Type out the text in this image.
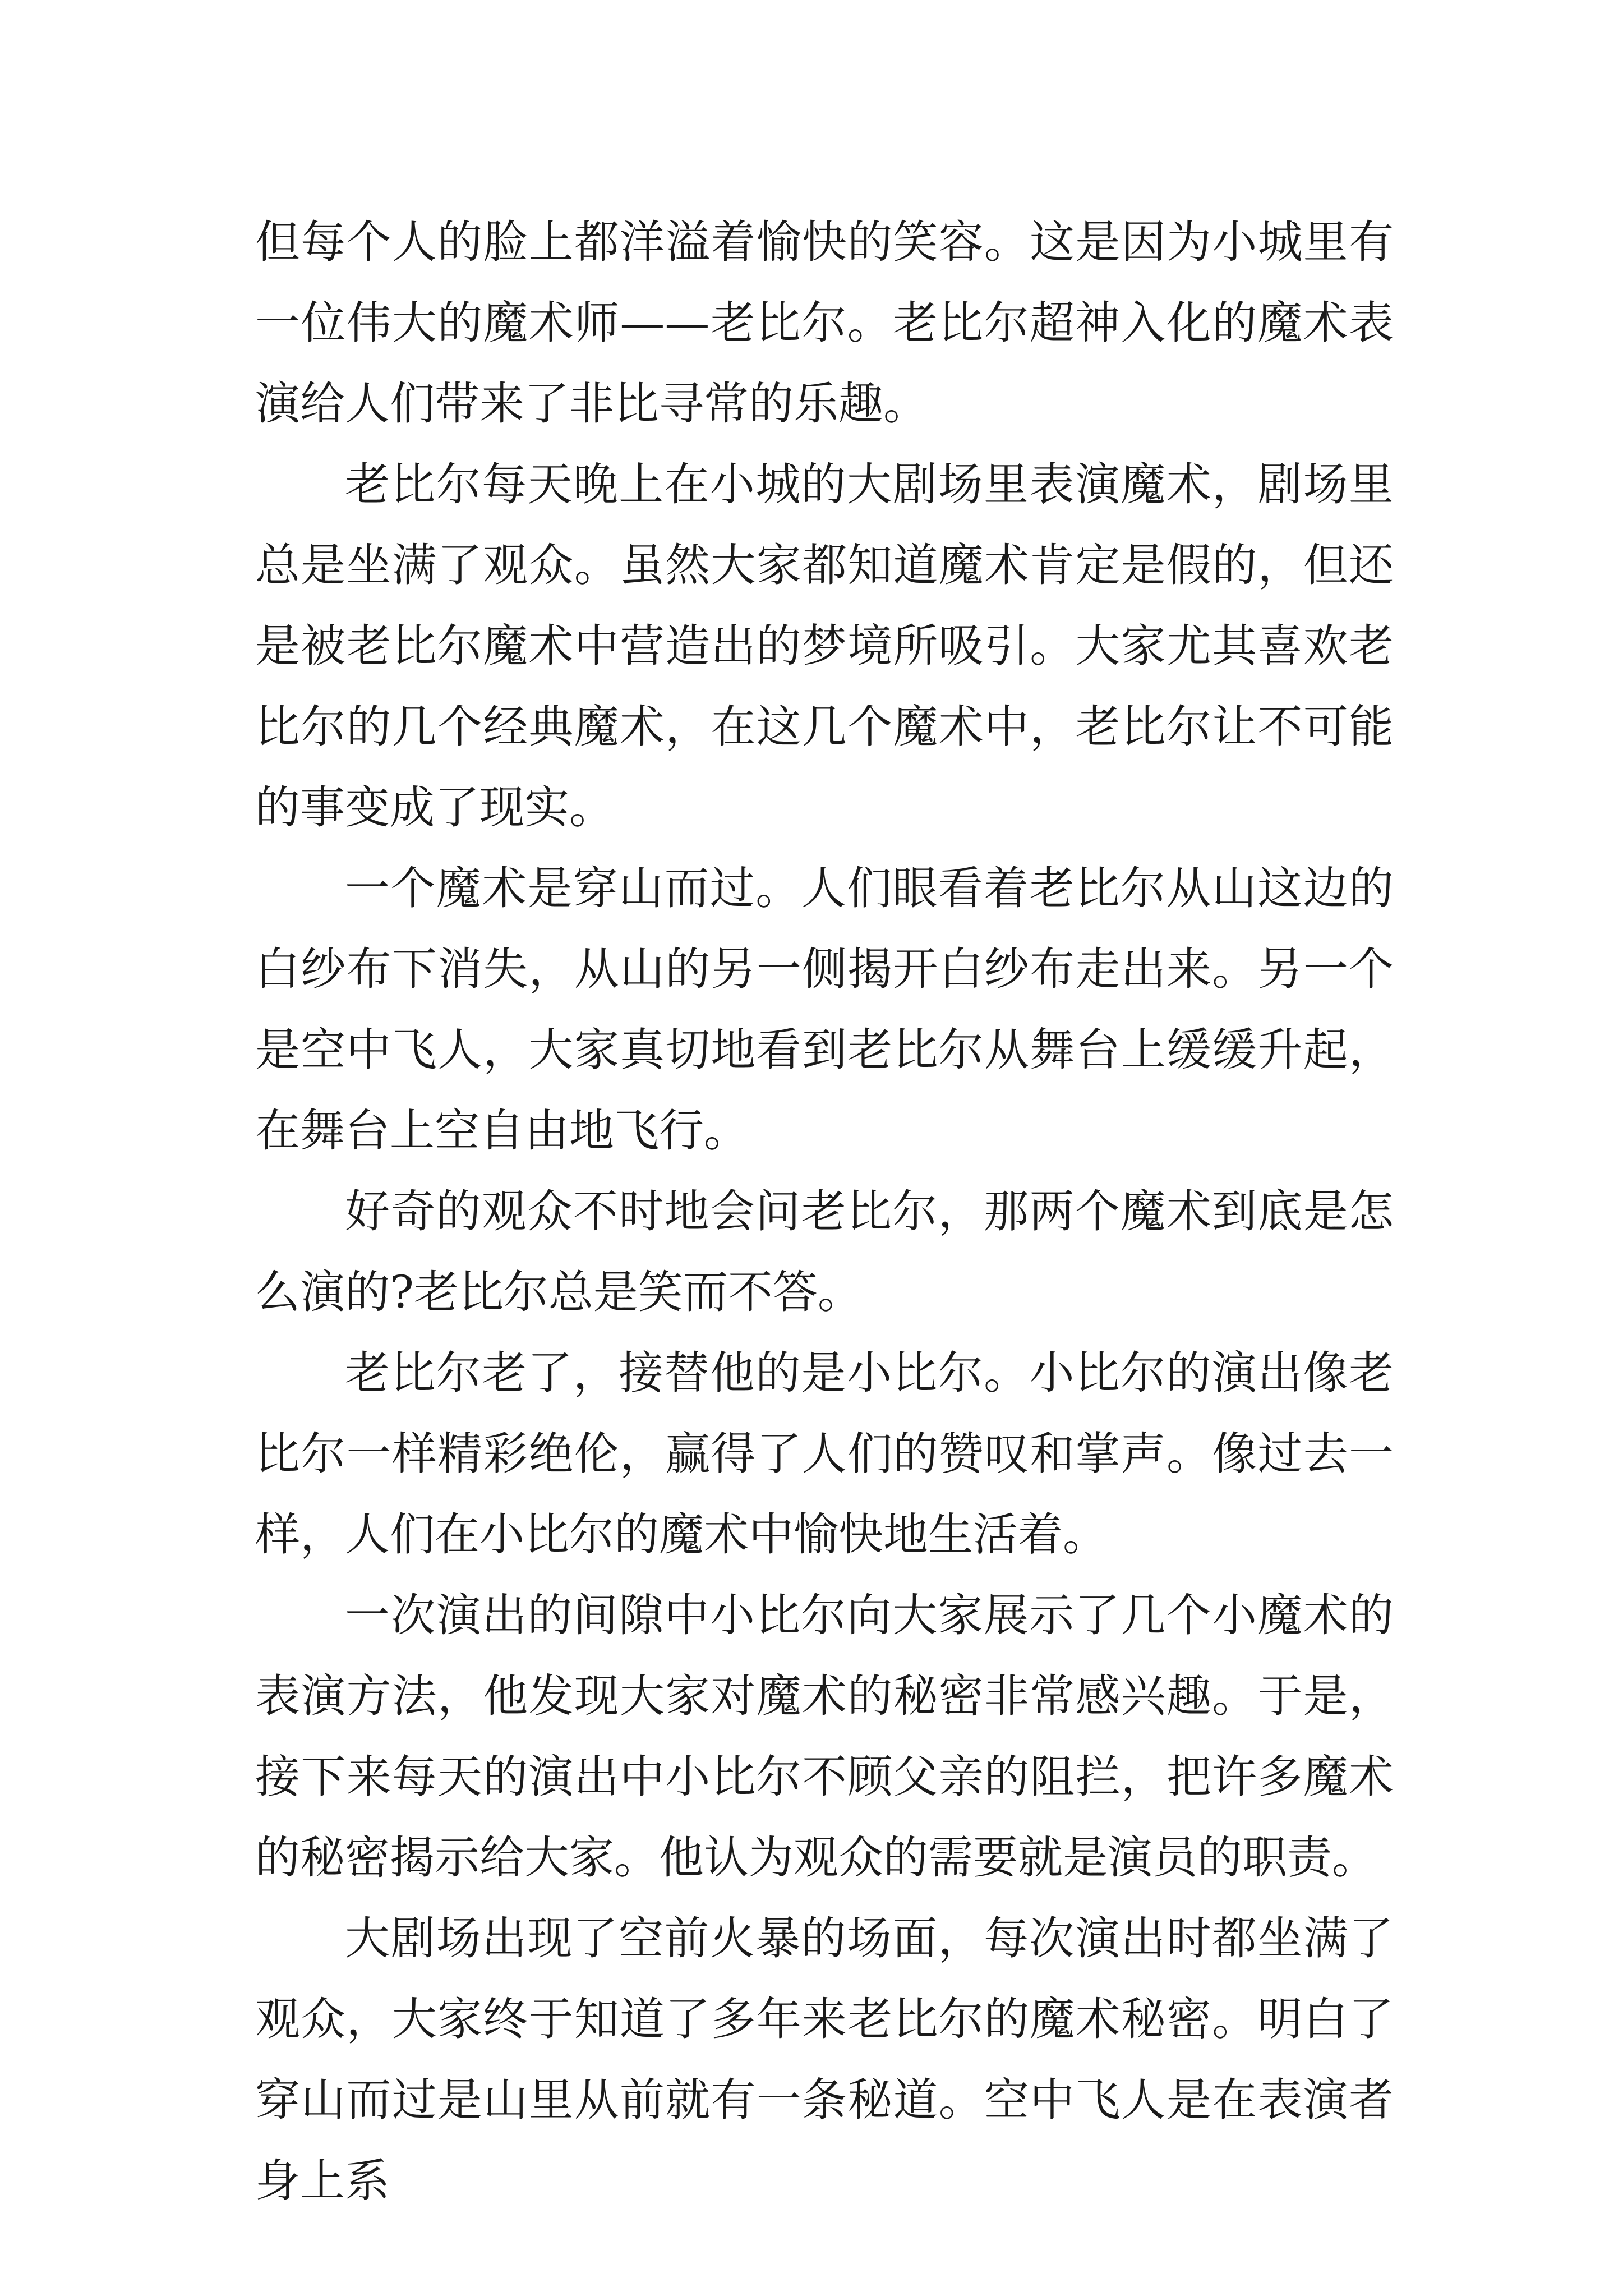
但每个人的脸上都洋溢着愉快的笑容。这是因为小城里有一位伟大的魔术师——老比尔。老比尔超神入化的魔术表演给人们带来了非比寻常的乐趣。

老比尔每天晚上在小城的大剧场里表演魔术，剧场里总是坐满了观众。虽然大家都知道魔术肯定是假的，但还是被老比尔魔术中营造出的梦境所吸引。大家尤其喜欢老比尔的几个经典魔术，在这几个魔术中，老比尔让不可能的事变成了现实。

一个魔术是穿山而过。人们眼看着老比尔从山这边的白纱布下消失，从山的另一侧揭开白纱布走出来。另一个是空中飞人，大家真切地看到老比尔从舞台上缓缓升起，在舞台上空自由地飞行。

好奇的观众不时地会问老比尔，那两个魔术到底是怎么演的?老比尔总是笑而不答。

老比尔老了，接替他的是小比尔。小比尔的演出像老比尔一样精彩绝伦，赢得了人们的赞叹和掌声。像过去一样，人们在小比尔的魔术中愉快地生活着。

一次演出的间隙中小比尔向大家展示了几个小魔术的表演方法，他发现大家对魔术的秘密非常感兴趣。于是，接下来每天的演出中小比尔不顾父亲的阻拦，把许多魔术的秘密揭示给大家。他认为观众的需要就是演员的职责。

大剧场出现了空前火暴的场面，每次演出时都坐满了观众，大家终于知道了多年来老比尔的魔术秘密。明白了穿山而过是山里从前就有一条秘道。空中飞人是在表演者身上系
